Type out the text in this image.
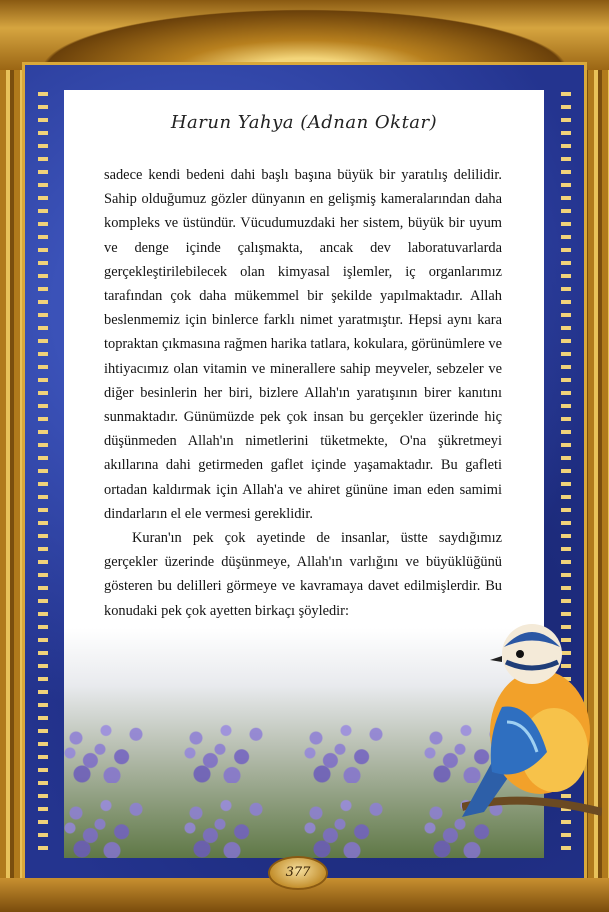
Harun Yahya (Adnan Oktar)

sadece kendi bedeni dahi başlı başına büyük bir yaratılış delilidir. Sahip olduğumuz gözler dünyanın en gelişmiş kameralarından daha kompleks ve üstündür. Vücudumuzdaki her sistem, büyük bir uyum ve denge içinde çalışmakta, ancak dev laboratuvarlarda gerçekleştirilebilecek olan kimyasal işlemler, iç organlarımız tarafından çok daha mükemmel bir şekilde yapılmaktadır. Allah beslenmemiz için binlerce farklı nimet yaratmıştır. Hepsi aynı kara topraktan çıkmasına rağmen harika tatlara, kokulara, görünümlere ve ihtiyacımız olan vitamin ve minerallere sahip meyveler, sebzeler ve diğer besinlerin her biri, bizlere Allah'ın yaratışının birer kanıtını sunmaktadır. Günümüzde pek çok insan bu gerçekler üzerinde hiç düşünmeden Allah'ın nimetlerini tüketmekte, O'na şükretmeyi akıllarına dahi getirmeden gaflet içinde yaşamaktadır. Bu gafleti ortadan kaldırmak için Allah'a ve ahiret gününe iman eden samimi dindarların el ele vermesi gereklidir.

Kuran'ın pek çok ayetinde de insanlar, üstte saydığımız gerçekler üzerinde düşünmeye, Allah'ın varlığını ve büyüklüğünü gösteren bu delilleri görmeye ve kavramaya davet edilmişlerdir. Bu konudaki pek çok ayetten birkaçı şöyledir:

377
